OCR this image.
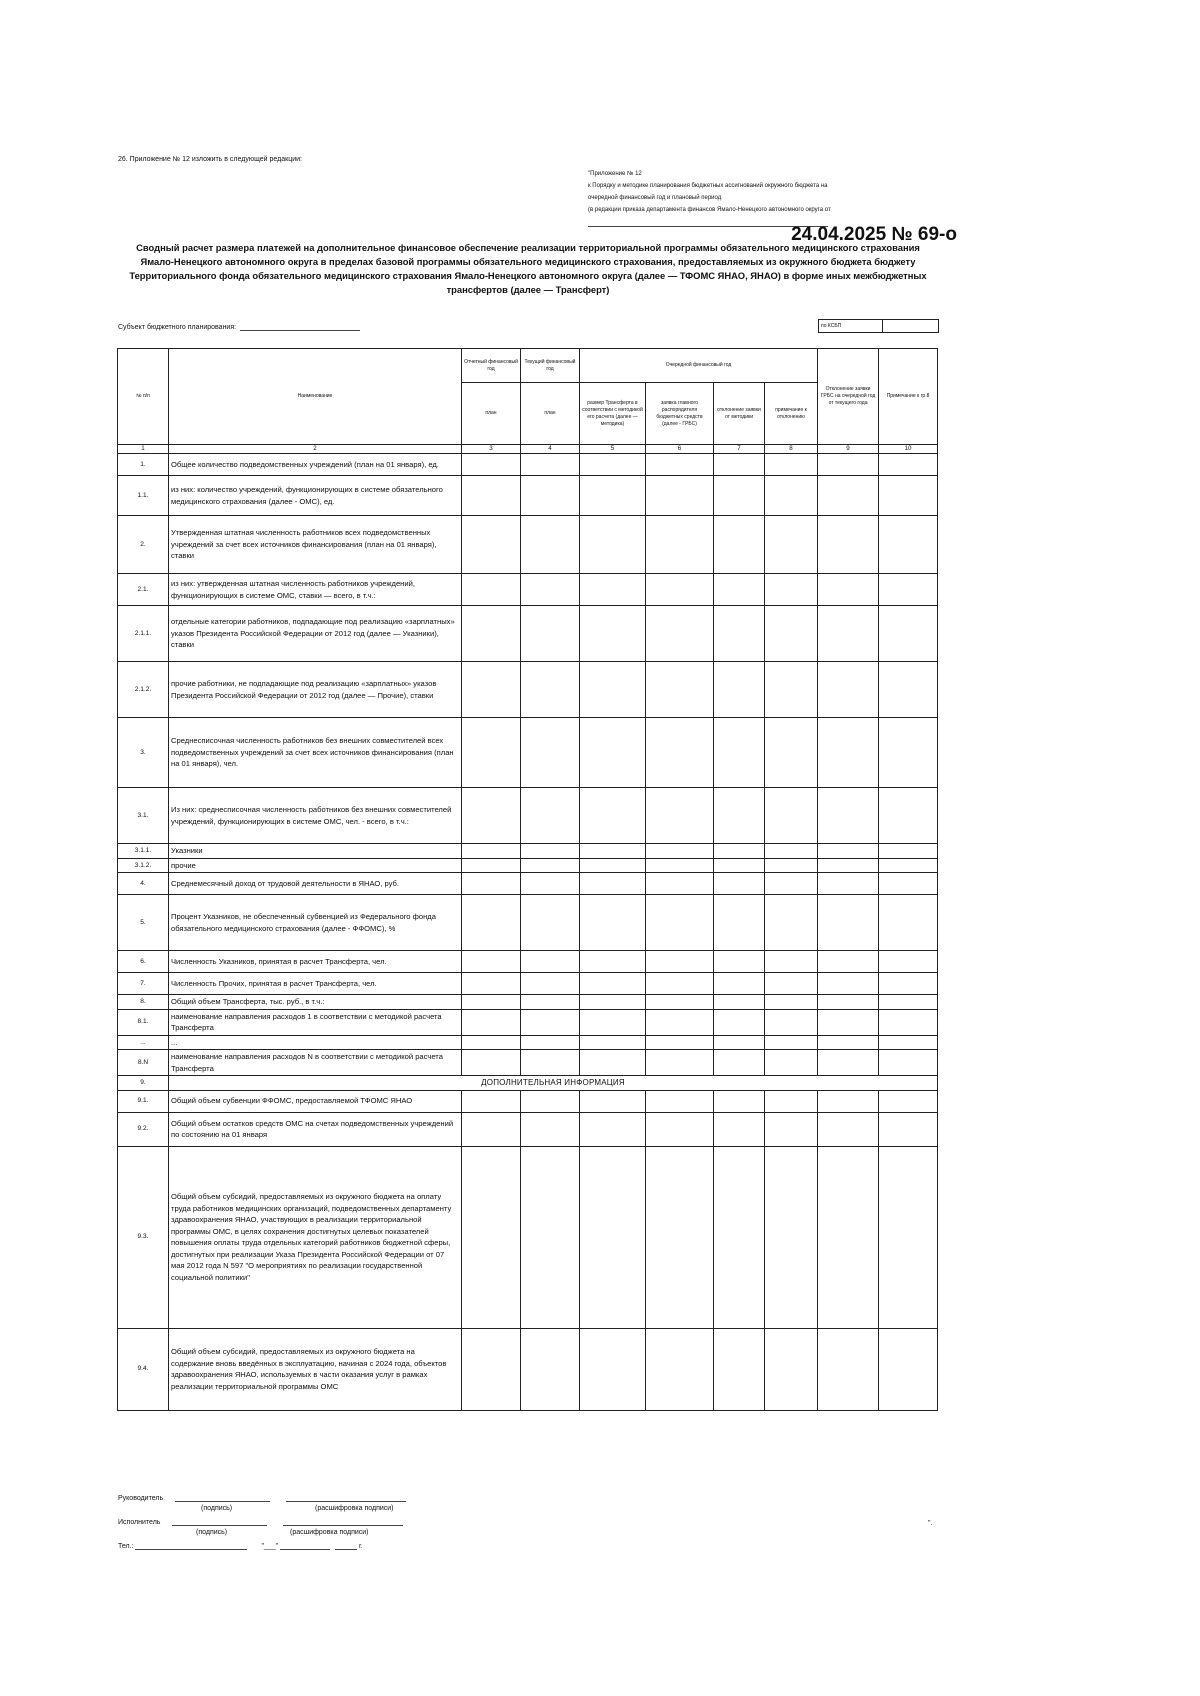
26. Приложение № 12 изложить в следующей редакции:
"Приложение № 12
к Порядку и методике планирования бюджетных ассигнований окружного бюджета на
очередной финансовый год и плановый период
(в редакции приказа департамента финансов Ямало-Ненецкого автономного округа от
24.04.2025 № 69-о
Сводный расчет размера платежей на дополнительное финансовое обеспечение реализации территориальной программы обязательного медицинского страхования Ямало-Ненецкого автономного округа в пределах базовой программы обязательного медицинского страхования, предоставляемых из окружного бюджета бюджету Территориального фонда обязательного медицинского страхования Ямало-Ненецкого автономного округа (далее — ТФОМС ЯНАО, ЯНАО) в форме иных межбюджетных трансфертов (далее — Трансферт)
Субъект бюджетного планирования:	по КСБП
№ п/п	Наименование	Отчетный финансовый год	Текущий финансовый год	Очередной финансовый год				Отклонение заявки ГРБС на очередной год от текущего года	Примечание к гр.8
		план	план	размер Трансферта в соответствии с методикой его расчета (далее — методика)	заявка главного распорядителя бюджетных средств (далее - ГРБС)	отклонение заявки от методики	примечание к отклонению		
1	2	3	4	5	6	7	8	9	10
1.	Общее количество подведомственных учреждений (план на 01 января), ед.								
1.1.	из них: количество учреждений, функционирующих в системе обязательного медицинского страхования (далее - ОМС), ед.								
2.	Утвержденная штатная численность работников всех подведомственных учреждений за счет всех источников финансирования (план на 01 января), ставки								
2.1.	из них: утвержденная штатная численность работников учреждений, функционирующих в системе ОМС, ставки — всего, в т.ч.:								
2.1.1.	отдельные категории работников, подпадающие под реализацию «зарплатных» указов Президента Российской Федерации от 2012 год (далее — Указники), ставки								
2.1.2.	прочие работники, не подпадающие под реализацию «зарплатных» указов Президента Российской Федерации от 2012 год (далее — Прочие), ставки								
3.	Среднесписочная численность работников без внешних совместителей всех подведомственных учреждений за счет всех источников финансирования (план на 01 января), чел.								
3.1.	Из них: среднесписочная численность работников без внешних совместителей учреждений, функционирующих в системе ОМС, чел. - всего, в т.ч.:								
3.1.1.	Указники								
3.1.2.	прочие								
4.	Среднемесячный доход от трудовой деятельности в ЯНАО, руб.								
5.	Процент Указников, не обеспеченный субвенцией из Федерального фонда обязательного медицинского страхования (далее - ФФОМС), %								
6.	Численность Указников, принятая в расчет Трансферта, чел.								
7.	Численность Прочих, принятая в расчет Трансферта, чел.								
8.	Общий объем Трансферта, тыс. руб., в т.ч.:								
8.1.	наименование направления расходов 1 в соответствии с методикой расчета Трансферта								
...	...								
8.N	наименование направления расходов N в соответствии с методикой расчета Трансферта								
9.	ДОПОЛНИТЕЛЬНАЯ ИНФОРМАЦИЯ								
9.1.	Общий объем субвенции ФФОМС, предоставляемой ТФОМС ЯНАО								
9.2.	Общий объем остатков средств ОМС на счетах подведомственных учреждений по состоянию на 01 января								
9.3.	Общий объем субсидий, предоставляемых из окружного бюджета на оплату труда работников медицинских организаций, подведомственных департаменту здравоохранения ЯНАО, участвующих в реализации территориальной программы ОМС, в целях сохранения достигнутых целевых показателей повышения оплаты труда отдельных категорий работников бюджетной сферы, достигнутых при реализации Указа Президента Российской Федерации от 07 мая 2012 года N 597 "О мероприятиях по реализации государственной социальной политики"								
9.4.	Общий объем субсидий, предоставляемых из окружного бюджета на содержание вновь введённых в эксплуатацию, начиная с 2024 года, объектов здравоохранения ЯНАО, используемых в части оказания услуг в рамках реализации территориальной программы ОМС								
Руководитель
(подпись)	(расшифровка подписи)
Исполнитель
(подпись)	(расшифровка подписи)
Тел.:	"___"	г.
".
